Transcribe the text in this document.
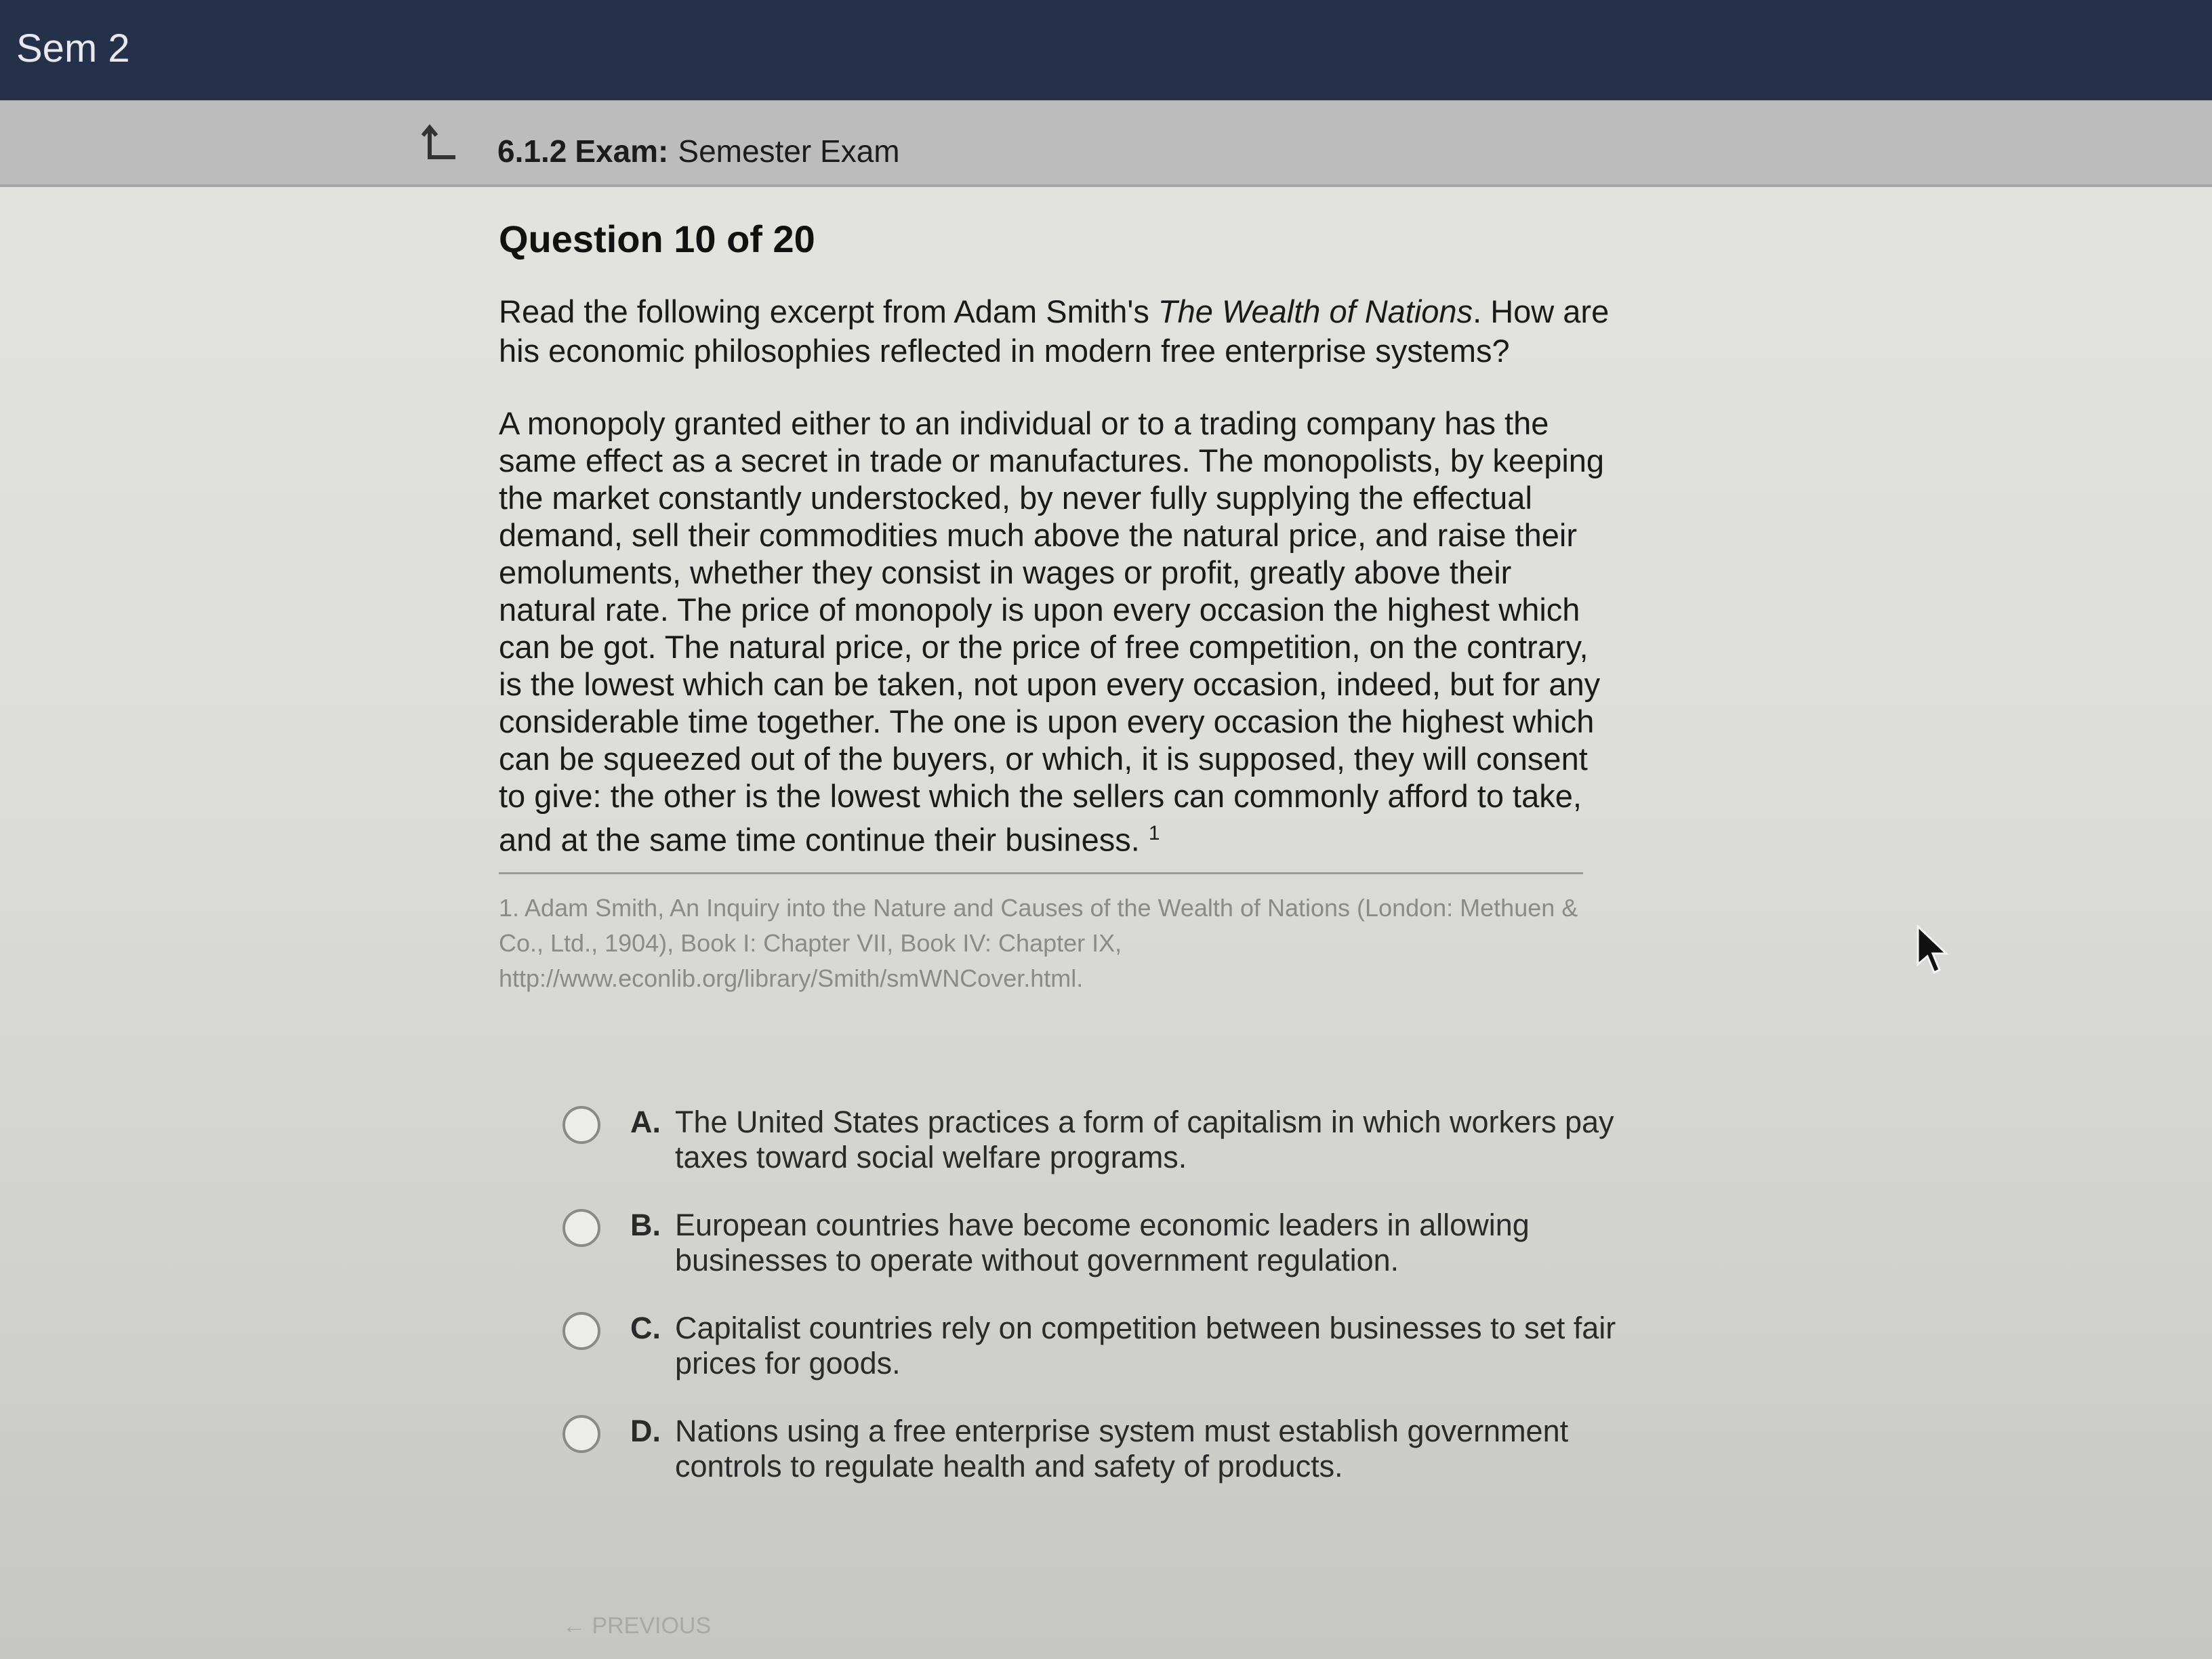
Sem 2
6.1.2 Exam: Semester Exam
Question 10 of 20

Read the following excerpt from Adam Smith's The Wealth of Nations. How are his economic philosophies reflected in modern free enterprise systems?

A monopoly granted either to an individual or to a trading company has the same effect as a secret in trade or manufactures. The monopolists, by keeping the market constantly understocked, by never fully supplying the effectual demand, sell their commodities much above the natural price, and raise their emoluments, whether they consist in wages or profit, greatly above their natural rate. The price of monopoly is upon every occasion the highest which can be got. The natural price, or the price of free competition, on the contrary, is the lowest which can be taken, not upon every occasion, indeed, but for any considerable time together. The one is upon every occasion the highest which can be squeezed out of the buyers, or which, it is supposed, they will consent to give: the other is the lowest which the sellers can commonly afford to take, and at the same time continue their business. $^1$

1. Adam Smith, An Inquiry into the Nature and Causes of the Wealth of Nations (London: Methuen & Co., Ltd., 1904), Book I: Chapter VII, Book IV: Chapter IX, http://www.econlib.org/library/Smith/smWNCover.html.
A. The United States practices a form of capitalism in which workers pay taxes toward social welfare programs.
B. European countries have become economic leaders in allowing businesses to operate without government regulation.
C. Capitalist countries rely on competition between businesses to set fair prices for goods.
D. Nations using a free enterprise system must establish government controls to regulate health and safety of products.
← PREVIOUS
